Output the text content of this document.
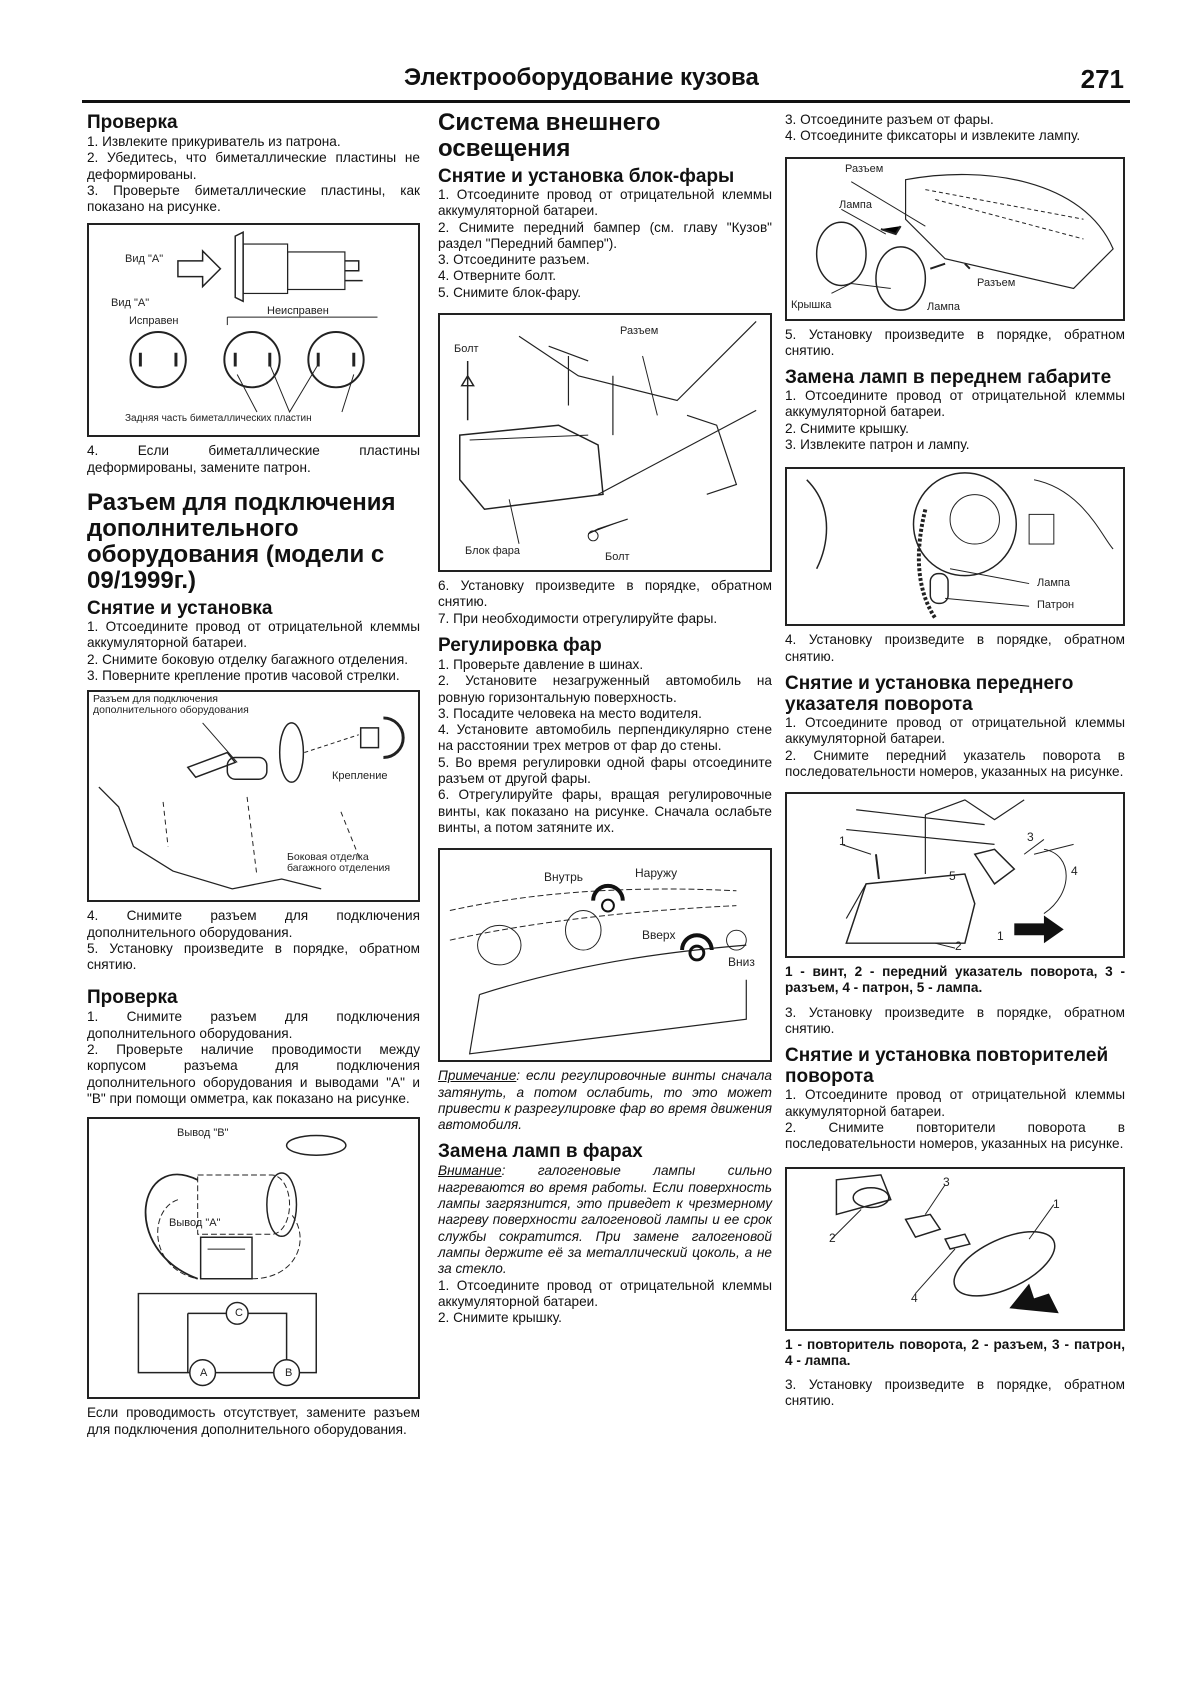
Электрооборудование кузова	271
Проверка

1. Извлеките прикуриватель из патрона.

2. Убедитесь, что биметаллические пластины не деформированы.

3. Проверьте биметаллические пластины, как показано на рисунке.

Вид "A"
Вид "A"
Исправен
Неисправен
Задняя часть биметаллических пластин

4. Если биметаллические пластины деформированы, замените патрон.

Разъем для подключения дополнительного оборудования (модели с 09/1999г.)
Снятие и установка

1. Отсоедините провод от отрицательной клеммы аккумуляторной батареи.

2. Снимите боковую отделку багажного отделения.

3. Поверните крепление против часовой стрелки.

Разъем для подключения дополнительного оборудования
Крепление
Боковая отделка багажного отделения

4. Снимите разъем для подключения дополнительного оборудования.

5. Установку произведите в порядке, обратном снятию.

Проверка

1. Снимите разъем для подключения дополнительного оборудования.

2. Проверьте наличие проводимости между корпусом разъема для подключения дополнительного оборудования и выводами "A" и "B" при помощи омметра, как показано на рисунке.

Вывод "B"
Вывод "A"
C
A	B

Если проводимость отсутствует, замените разъем для подключения дополнительного оборудования.

Система внешнего освещения
Снятие и установка блок-фары

1. Отсоедините провод от отрицательной клеммы аккумуляторной батареи.

2. Снимите передний бампер (см. главу "Кузов" раздел "Передний бампер").

3. Отсоедините разъем.

4. Отверните болт.

5. Снимите блок-фару.

Болт
Разъем
Блок фара	Болт

6. Установку произведите в порядке, обратном снятию.

7. При необходимости отрегулируйте фары.

Регулировка фар

1. Проверьте давление в шинах.

2. Установите незагруженный автомобиль на ровную горизонтальную поверхность.

3. Посадите человека на место водителя.

4. Установите автомобиль перпендикулярно стене на расстоянии трех метров от фар до стены.

5. Во время регулировки одной фары отсоедините разъем от другой фары.

6. Отрегулируйте фары, вращая регулировочные винты, как показано на рисунке. Сначала ослабьте винты, а потом затяните их.

Внутрь	Наружу
Вверх
Вниз

Примечание: если регулировочные винты сначала затянуть, а потом ослабить, то это может привести к разрегулировке фар во время движения автомобиля.

Замена ламп в фарах

Внимание: галогеновые лампы сильно нагреваются во время работы. Если поверхность лампы загрязнится, это приведет к чрезмерному нагреву поверхности галогеновой лампы и ее срок службы сократится. При замене галогеновой лампы держите её за металлический цоколь, а не за стекло.

1. Отсоедините провод от отрицательной клеммы аккумуляторной батареи.

2. Снимите крышку.

3. Отсоедините разъем от фары.

4. Отсоедините фиксаторы и извлеките лампу.

Разъем
Лампа
Крышка	Лампа
Разъем

5. Установку произведите в порядке, обратном снятию.

Замена ламп в переднем габарите

1. Отсоедините провод от отрицательной клеммы аккумуляторной батареи.

2. Снимите крышку.

3. Извлеките патрон и лампу.

Лампа
Патрон

4. Установку произведите в порядке, обратном снятию.

Снятие и установка переднего указателя поворота

1. Отсоедините провод от отрицательной клеммы аккумуляторной батареи.

2. Снимите передний указатель поворота в последовательности номеров, указанных на рисунке.

1
2
3
4
5
1

1 - винт, 2 - передний указатель поворота, 3 - разъем, 4 - патрон, 5 - лампа.

3. Установку произведите в порядке, обратном снятию.

Снятие и установка повторителей поворота

1. Отсоедините провод от отрицательной клеммы аккумуляторной батареи.

2. Снимите повторители поворота в последовательности номеров, указанных на рисунке.

2
3
4
1

1 - повторитель поворота, 2 - разъем, 3 - патрон, 4 - лампа.

3. Установку произведите в порядке, обратном снятию.
